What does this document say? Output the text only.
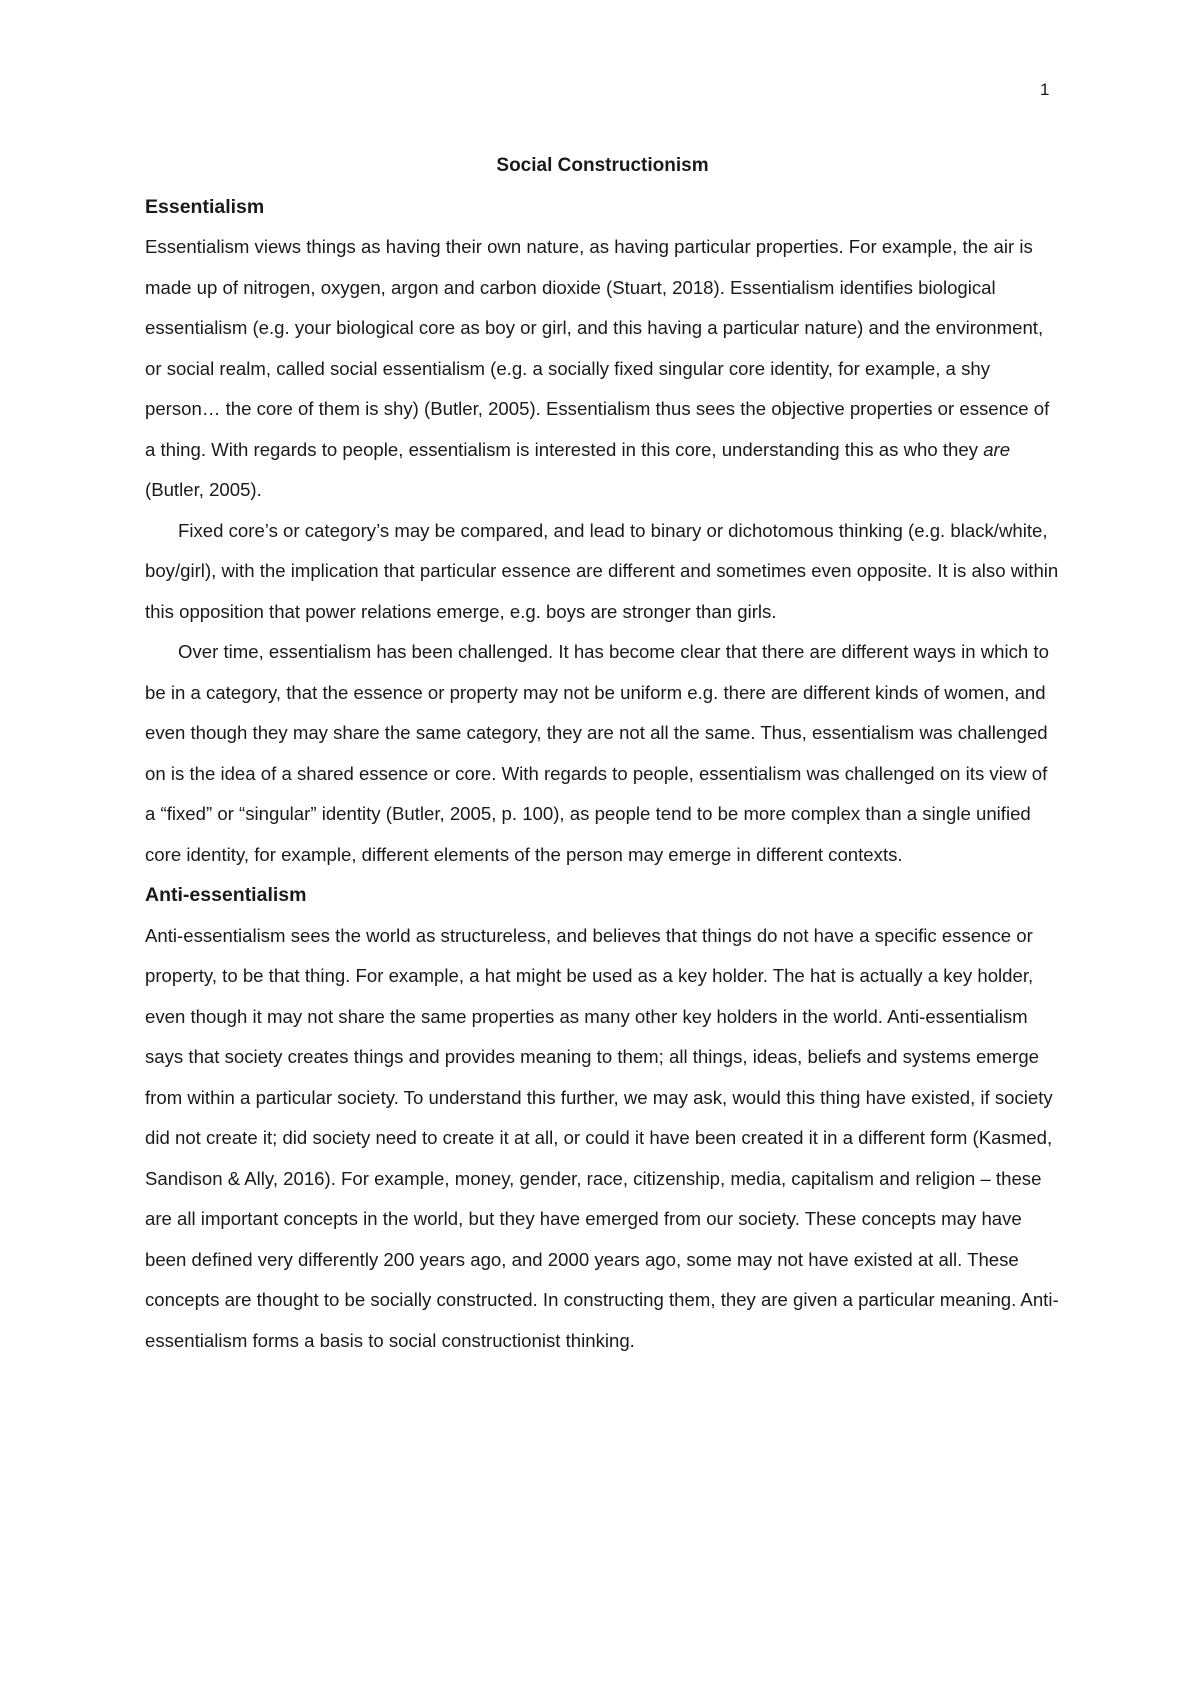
1
Social Constructionism
Essentialism

Essentialism views things as having their own nature, as having particular properties. For example, the air is made up of nitrogen, oxygen, argon and carbon dioxide (Stuart, 2018). Essentialism identifies biological essentialism (e.g. your biological core as boy or girl, and this having a particular nature) and the environment, or social realm, called social essentialism (e.g. a socially fixed singular core identity, for example, a shy person… the core of them is shy) (Butler, 2005). Essentialism thus sees the objective properties or essence of a thing. With regards to people, essentialism is interested in this core, understanding this as who they are (Butler, 2005).

Fixed core’s or category’s may be compared, and lead to binary or dichotomous thinking (e.g. black/white, boy/girl), with the implication that particular essence are different and sometimes even opposite. It is also within this opposition that power relations emerge, e.g. boys are stronger than girls.

Over time, essentialism has been challenged. It has become clear that there are different ways in which to be in a category, that the essence or property may not be uniform e.g. there are different kinds of women, and even though they may share the same category, they are not all the same. Thus, essentialism was challenged on is the idea of a shared essence or core. With regards to people, essentialism was challenged on its view of a “fixed” or “singular” identity (Butler, 2005, p. 100), as people tend to be more complex than a single unified core identity, for example, different elements of the person may emerge in different contexts.

Anti-essentialism

Anti-essentialism sees the world as structureless, and believes that things do not have a specific essence or property, to be that thing. For example, a hat might be used as a key holder. The hat is actually a key holder, even though it may not share the same properties as many other key holders in the world. Anti-essentialism says that society creates things and provides meaning to them; all things, ideas, beliefs and systems emerge from within a particular society. To understand this further, we may ask, would this thing have existed, if society did not create it; did society need to create it at all, or could it have been created it in a different form (Kasmed, Sandison & Ally, 2016). For example, money, gender, race, citizenship, media, capitalism and religion – these are all important concepts in the world, but they have emerged from our society. These concepts may have been defined very differently 200 years ago, and 2000 years ago, some may not have existed at all. These concepts are thought to be socially constructed. In constructing them, they are given a particular meaning. Anti-essentialism forms a basis to social constructionist thinking.
